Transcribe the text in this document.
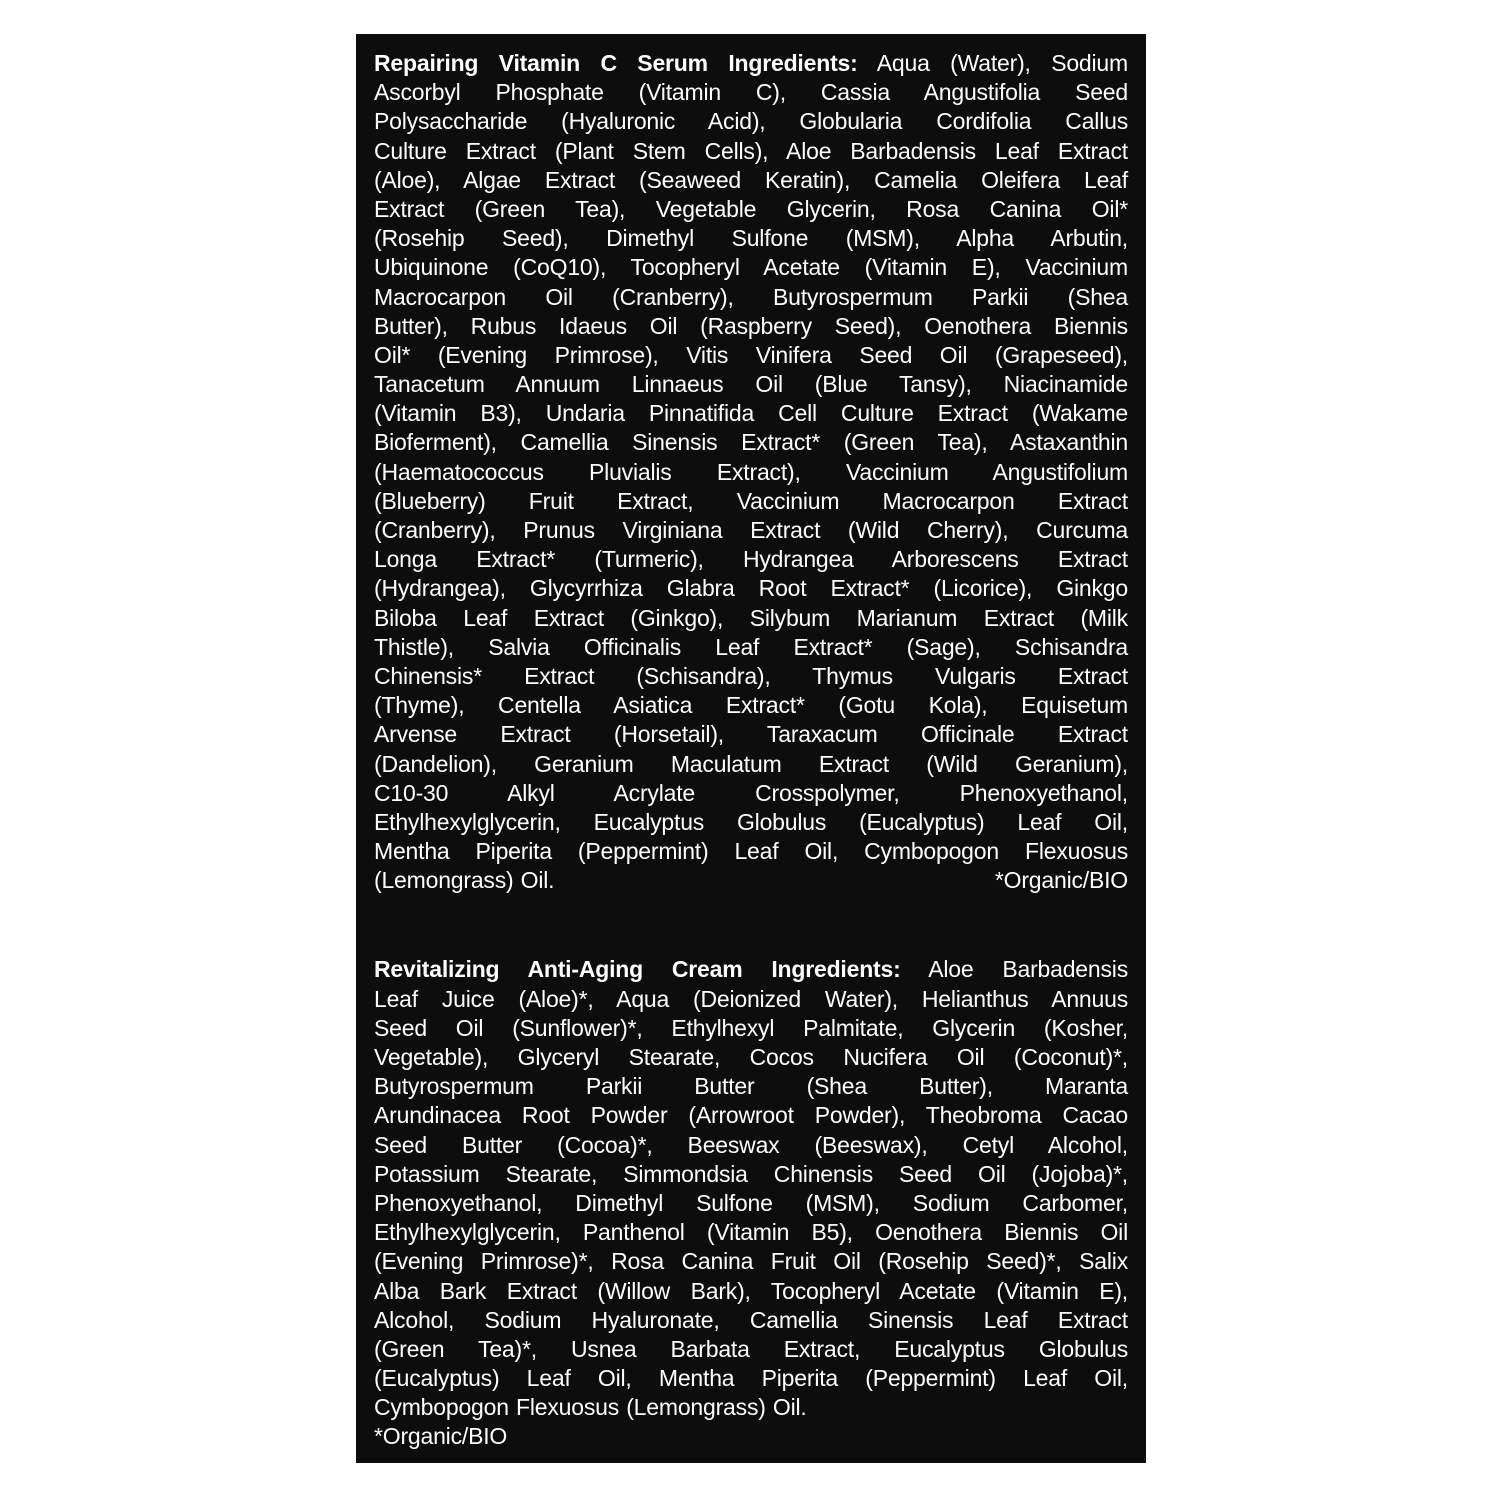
Repairing Vitamin C Serum Ingredients: Aqua (Water), Sodium
Ascorbyl Phosphate (Vitamin C), Cassia Angustifolia Seed
Polysaccharide (Hyaluronic Acid), Globularia Cordifolia Callus
Culture Extract (Plant Stem Cells), Aloe Barbadensis Leaf Extract
(Aloe), Algae Extract (Seaweed Keratin), Camelia Oleifera Leaf
Extract (Green Tea), Vegetable Glycerin, Rosa Canina Oil*
(Rosehip Seed), Dimethyl Sulfone (MSM), Alpha Arbutin,
Ubiquinone (CoQ10), Tocopheryl Acetate (Vitamin E), Vaccinium
Macrocarpon Oil (Cranberry), Butyrospermum Parkii (Shea
Butter), Rubus Idaeus Oil (Raspberry Seed), Oenothera Biennis
Oil* (Evening Primrose), Vitis Vinifera Seed Oil (Grapeseed),
Tanacetum Annuum Linnaeus Oil (Blue Tansy), Niacinamide
(Vitamin B3), Undaria Pinnatifida Cell Culture Extract (Wakame
Bioferment), Camellia Sinensis Extract* (Green Tea), Astaxanthin
(Haematococcus Pluvialis Extract), Vaccinium Angustifolium
(Blueberry) Fruit Extract, Vaccinium Macrocarpon Extract
(Cranberry), Prunus Virginiana Extract (Wild Cherry), Curcuma
Longa Extract* (Turmeric), Hydrangea Arborescens Extract
(Hydrangea), Glycyrrhiza Glabra Root Extract* (Licorice), Ginkgo
Biloba Leaf Extract (Ginkgo), Silybum Marianum Extract (Milk
Thistle), Salvia Officinalis Leaf Extract* (Sage), Schisandra
Chinensis* Extract (Schisandra), Thymus Vulgaris Extract
(Thyme), Centella Asiatica Extract* (Gotu Kola), Equisetum
Arvense Extract (Horsetail), Taraxacum Officinale Extract
(Dandelion), Geranium Maculatum Extract (Wild Geranium),
C10-30 Alkyl Acrylate Crosspolymer, Phenoxyethanol,
Ethylhexylglycerin, Eucalyptus Globulus (Eucalyptus) Leaf Oil,
Mentha Piperita (Peppermint) Leaf Oil, Cymbopogon Flexuosus
(Lemongrass) Oil.	*Organic/BIO
Revitalizing Anti-Aging Cream Ingredients: Aloe Barbadensis
Leaf Juice (Aloe)*, Aqua (Deionized Water), Helianthus Annuus
Seed Oil (Sunflower)*, Ethylhexyl Palmitate, Glycerin (Kosher,
Vegetable), Glyceryl Stearate, Cocos Nucifera Oil (Coconut)*,
Butyrospermum Parkii Butter (Shea Butter), Maranta
Arundinacea Root Powder (Arrowroot Powder), Theobroma Cacao
Seed Butter (Cocoa)*, Beeswax (Beeswax), Cetyl Alcohol,
Potassium Stearate, Simmondsia Chinensis Seed Oil (Jojoba)*,
Phenoxyethanol, Dimethyl Sulfone (MSM), Sodium Carbomer,
Ethylhexylglycerin, Panthenol (Vitamin B5), Oenothera Biennis Oil
(Evening Primrose)*, Rosa Canina Fruit Oil (Rosehip Seed)*, Salix
Alba Bark Extract (Willow Bark), Tocopheryl Acetate (Vitamin E),
Alcohol, Sodium Hyaluronate, Camellia Sinensis Leaf Extract
(Green Tea)*, Usnea Barbata Extract, Eucalyptus Globulus
(Eucalyptus) Leaf Oil, Mentha Piperita (Peppermint) Leaf Oil,
Cymbopogon Flexuosus (Lemongrass) Oil.
*Organic/BIO
